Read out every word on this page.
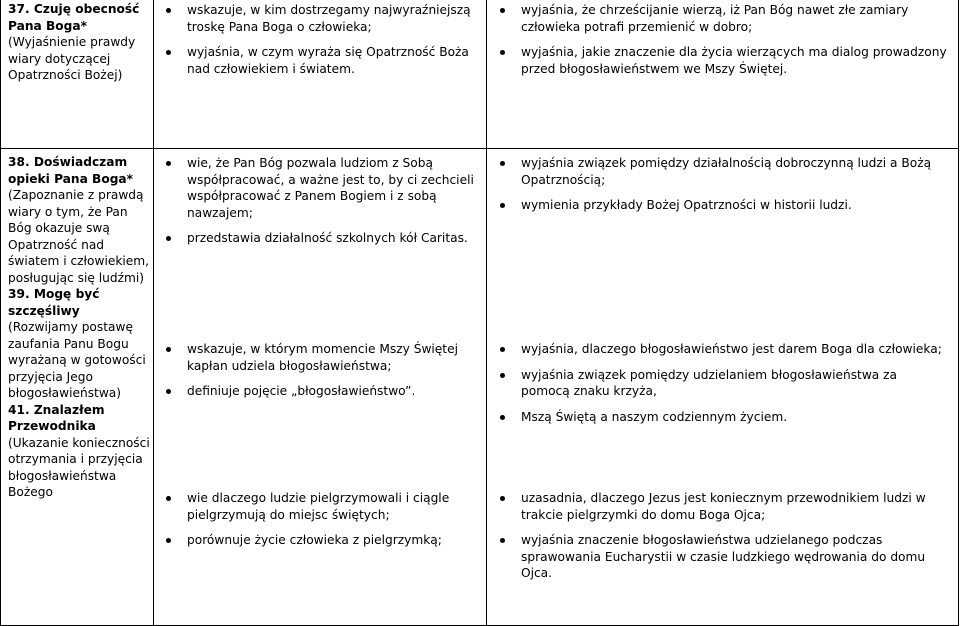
37. Czuję obecność Pana Boga*
(Wyjaśnienie prawdy wiary dotyczącej Opatrzności Bożej)
wskazuje, w kim dostrzegamy najwyraźniejszą troskę Pana Boga o człowieka;
wyjaśnia, w czym wyraża się Opatrzność Boża nad człowiekiem i światem.
wyjaśnia, że chrześcijanie wierzą, iż Pan Bóg nawet złe zamiary człowieka potrafi przemienić w dobro;
wyjaśnia, jakie znaczenie dla życia wierzących ma dialog prowadzony przed błogosławieństwem we Mszy Świętej.
38. Doświadczam opieki Pana Boga*
(Zapoznanie z prawdą wiary o tym, że Pan Bóg okazuje swą Opatrzność nad światem i człowiekiem, posługując się ludźmi)
39. Mogę być szczęśliwy
(Rozwijamy postawę zaufania Panu Bogu wyrażaną w gotowości przyjęcia Jego błogosławieństwa)
41. Znalazłem Przewodnika
(Ukazanie konieczności otrzymania i przyjęcia błogosławieństwa Bożego
wie, że Pan Bóg pozwala ludziom z Sobą współpracować, a ważne jest to, by ci zechcieli współpracować z Panem Bogiem i z sobą nawzajem;
przedstawia działalność szkolnych kół Caritas.
wskazuje, w którym momencie Mszy Świętej kapłan udziela błogosławieństwa;
definiuje pojęcie „błogosławieństwo”.
wie dlaczego ludzie pielgrzymowali i ciągle pielgrzymują do miejsc świętych;
porównuje życie człowieka z pielgrzymką;
wyjaśnia związek pomiędzy działalnością dobroczynną ludzi a Bożą Opatrznością;
wymienia przykłady Bożej Opatrzności w historii ludzi.
wyjaśnia, dlaczego błogosławieństwo jest darem Boga dla człowieka;
wyjaśnia związek pomiędzy udzielaniem błogosławieństwa za pomocą znaku krzyża,
Mszą Świętą a naszym codziennym życiem.
uzasadnia, dlaczego Jezus jest koniecznym przewodnikiem ludzi w trakcie pielgrzymki do domu Boga Ojca;
wyjaśnia znaczenie błogosławieństwa udzielanego podczas sprawowania Eucharystii w czasie ludzkiego wędrowania do domu Ojca.
